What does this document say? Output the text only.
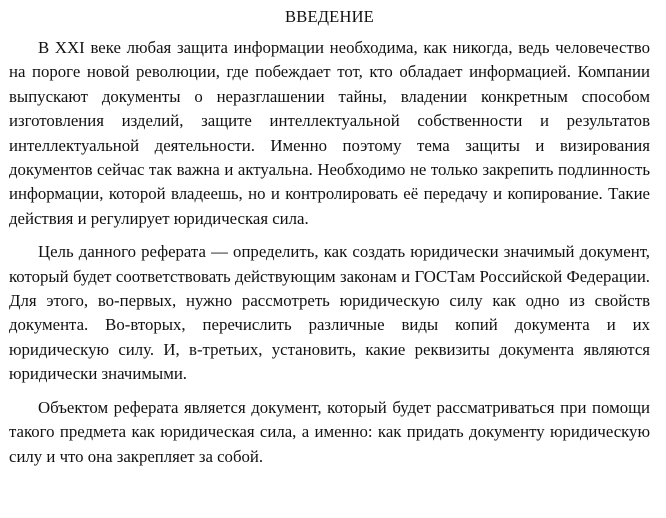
ВВЕДЕНИЕ

В XXI веке любая защита информации необходима, как никогда, ведь человечество на пороге новой революции, где побеждает тот, кто обладает информацией. Компании выпускают документы о неразглашении тайны, владении конкретным способом изготовления изделий, защите интеллектуальной собственности и результатов интеллектуальной деятельности. Именно поэтому тема защиты и визирования документов сейчас так важна и актуальна. Необходимо не только закрепить подлинность информации, которой владеешь, но и контролировать её передачу и копирование. Такие действия и регулирует юридическая сила.

Цель данного реферата — определить, как создать юридически значимый документ, который будет соответствовать действующим законам и ГОСТам Российской Федерации. Для этого, во-первых, нужно рассмотреть юридическую силу как одно из свойств документа. Во-вторых, перечислить различные виды копий документа и их юридическую силу. И, в-третьих, установить, какие реквизиты документа являются юридически значимыми.

Объектом реферата является документ, который будет рассматриваться при помощи такого предмета как юридическая сила, а именно: как придать документу юридическую силу и что она закрепляет за собой.
